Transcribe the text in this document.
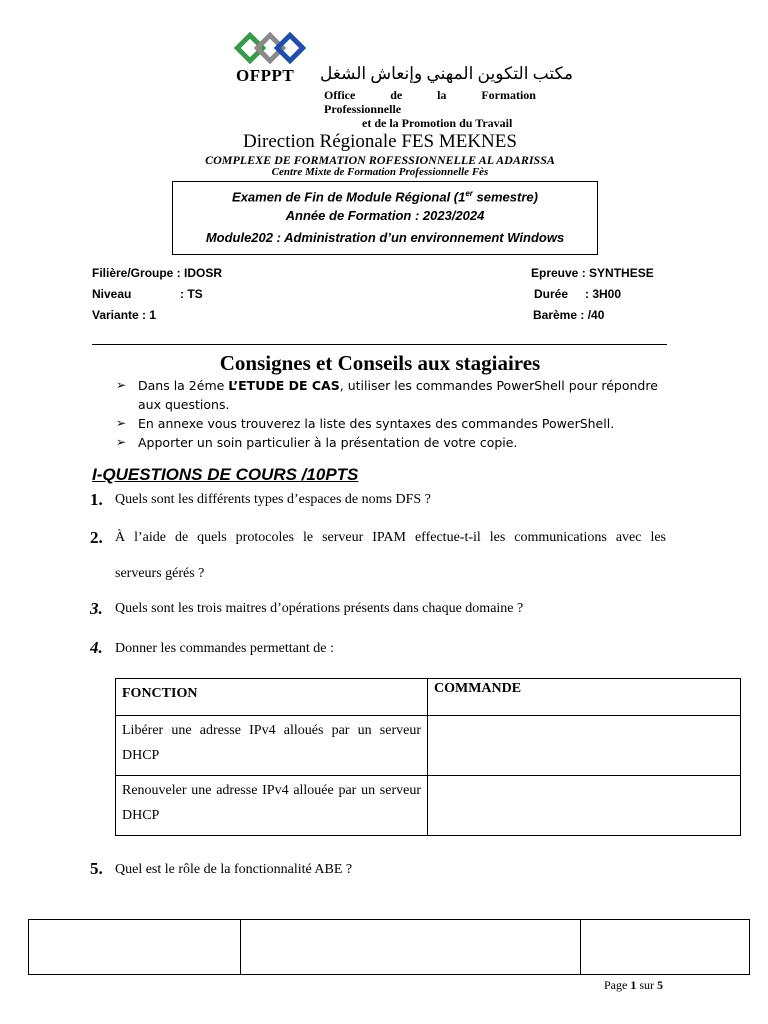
OFPPT مكتب التكوين المهني وإنعاش الشغل
Office	de	la	Formation
Professionnelle
et de la Promotion du Travail
Direction Régionale FES MEKNES
COMPLEXE DE FORMATION ROFESSIONNELLE AL ADARISSA
Centre Mixte de Formation Professionnelle Fès
Examen de Fin de Module Régional (1er semestre)
Année de Formation : 2023/2024
Module202 : Administration d’un environnement Windows
Filière/Groupe : IDOSR
Niveau	: TS
Variante : 1
Epreuve : SYNTHESE
Durée : 3H00
Barème : /40
Consignes et Conseils aux stagiaires
➢ Dans la 2éme L’ETUDE DE CAS, utiliser les commandes PowerShell pour répondre aux questions.
➢ En annexe vous trouverez la liste des syntaxes des commandes PowerShell.
➢ Apporter un soin particulier à la présentation de votre copie.
I-QUESTIONS DE COURS /10PTS
1. Quels sont les différents types d’espaces de noms DFS ?
2. À l’aide de quels protocoles le serveur IPAM effectue-t-il les communications avec les
serveurs gérés ?
3. Quels sont les trois maitres d’opérations présents dans chaque domaine ?
4. Donner les commandes permettant de :
FONCTION	COMMANDE
Libérer une adresse IPv4 alloués par un serveur DHCP	
Renouveler une adresse IPv4 allouée par un serveur DHCP	
5. Quel est le rôle de la fonctionnalité ABE ?

Page 1 sur 5
